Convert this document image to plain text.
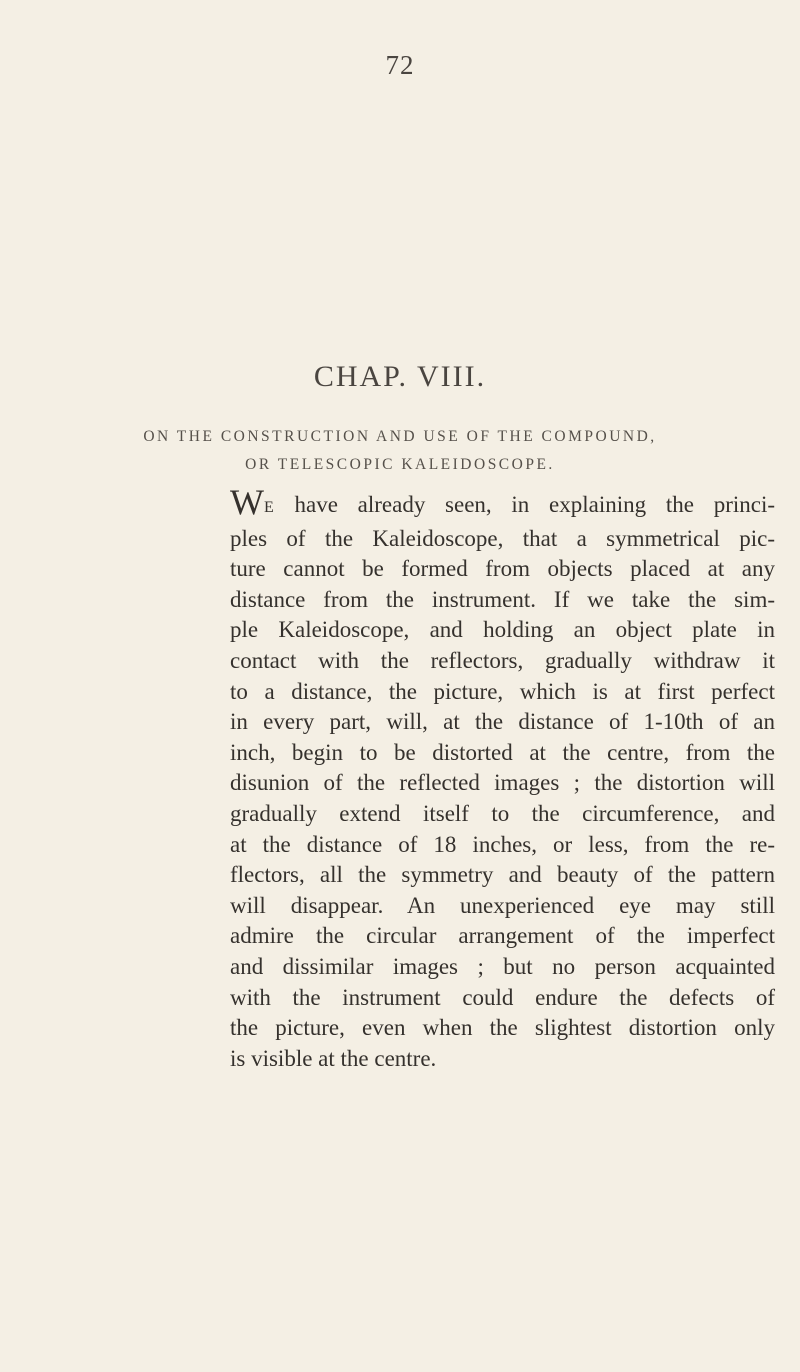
72
CHAP. VIII.
ON THE CONSTRUCTION AND USE OF THE COMPOUND,
OR TELESCOPIC KALEIDOSCOPE.
WE have already seen, in explaining the princi-
ples of the Kaleidoscope, that a symmetrical pic-
ture cannot be formed from objects placed at any
distance from the instrument. If we take the sim-
ple Kaleidoscope, and holding an object plate in
contact with the reflectors, gradually withdraw it
to a distance, the picture, which is at first perfect
in every part, will, at the distance of 1-10th of an
inch, begin to be distorted at the centre, from the
disunion of the reflected images ; the distortion will
gradually extend itself to the circumference, and
at the distance of 18 inches, or less, from the re-
flectors, all the symmetry and beauty of the pattern
will disappear. An unexperienced eye may still
admire the circular arrangement of the imperfect
and dissimilar images ; but no person acquainted
with the instrument could endure the defects of
the picture, even when the slightest distortion only
is visible at the centre.
